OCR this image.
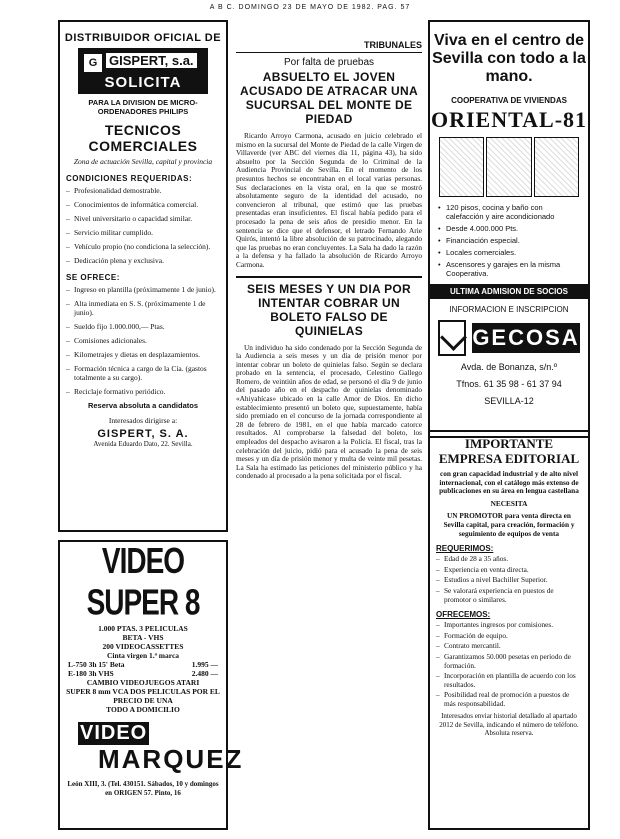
A B C. DOMINGO 23 DE MAYO DE 1982. PAG. 57
DISTRIBUIDOR OFICIAL DE
G GISPERT, s.a.
SOLICITA
PARA LA DIVISION DE MICRO-ORDENADORES PHILIPS
TECNICOS COMERCIALES
Zona de actuación Sevilla, capital y provincia
CONDICIONES REQUERIDAS:
– Profesionalidad demostrable.
– Conocimientos de informática comercial.
– Nivel universitario o capacidad similar.
– Servicio militar cumplido.
– Vehículo propio (no condiciona la selección).
– Dedicación plena y exclusiva.
SE OFRECE:
– Ingreso en plantilla (próximamente 1 de junio).
– Alta inmediata en S. S. (próximamente 1 de junio).
– Sueldo fijo 1.000.000,— Ptas.
– Comisiones adicionales.
– Kilometrajes y dietas en desplazamientos.
– Formación técnica a cargo de la Cía. (gastos totalmente a su cargo).
– Reciclaje formativo periódico.
Reserva absoluta a candidatos
Interesados dirigirse a:
GISPERT, S. A.
Avenida Eduardo Dato, 22. Sevilla.
VIDEO SUPER 8
1.000 PTAS. 3 PELICULAS
BETA - VHS
200 VIDEOCASSETTES
Cinta virgen 1.ª marca
L-750 3h 15' Beta	1.995 —
E-180 3h VHS	2.480 —
CAMBIO VIDEOJUEGOS ATARI
SUPER 8 mm VCA DOS PELICULAS POR EL PRECIO DE UNA
TODO A DOMICILIO
VIDEO
MARQUEZ
León XIII, 3. (Tel. 430151. Sábados, 10 y domingos en ORIGEN 57. Pinto, 16
TRIBUNALES
Por falta de pruebas
ABSUELTO EL JOVEN ACUSADO DE ATRACAR UNA SUCURSAL DEL MONTE DE PIEDAD
Ricardo Arroyo Carmona, acusado en juicio celebrado el mismo en la sucursal del Monte de Piedad de la calle Virgen de Villaverde (ver ABC del viernes día 11, página 43), ha sido absuelto por la Sección Segunda de lo Criminal de la Audiencia Provincial de Sevilla. En el momento de los presuntos hechos se encontraban en el local varias personas. Sus declaraciones en la vista oral, en la que se mostró absolutamente seguro de la identidad del acusado, no convencieron al tribunal, que estimó que las pruebas presentadas eran insuficientes. El fiscal había pedido para el procesado la pena de seis años de presidio menor. En la sentencia se dice que el defensor, el letrado Fernando Arie Quirós, intentó la libre absolución de su patrocinado, alegando que las pruebas no eran concluyentes. La Sala ha dado la razón a la defensa y ha fallado la absolución de Ricardo Arroyo Carmona.
SEIS MESES Y UN DIA POR INTENTAR COBRAR UN BOLETO FALSO DE QUINIELAS
Un individuo ha sido condenado por la Sección Segunda de la Audiencia a seis meses y un día de prisión menor por intentar cobrar un boleto de quinielas falso. Según se declara probado en la sentencia, el procesado, Celestino Gallego Romero, de veintiún años de edad, se personó el día 9 de junio del pasado año en el despacho de quinielas denominado «Ahiyahícas» ubicado en la calle Amor de Dios. En dicho establecimiento presentó un boleto que, supuestamente, había sido premiado en el concurso de la jornada correspondiente al 28 de febrero de 1981, en el que había marcado catorce resultados. Al comprobarse la falsedad del boleto, los empleados del despacho avisaron a la Policía. El fiscal, tras la celebración del juicio, pidió para el acusado la pena de seis meses y un día de prisión menor y multa de veinte mil pesetas. La Sala ha estimado las peticiones del ministerio público y ha condenado al procesado a la pena solicitada por el fiscal.
Viva en el centro de Sevilla con todo a la mano.
COOPERATIVA DE VIVIENDAS
ORIENTAL-81
• 120 pisos, cocina y baño con calefacción y aire acondicionado
• Desde 4.000.000 Pts.
• Financiación especial.
• Locales comerciales.
• Ascensores y garajes en la misma Cooperativa.
ULTIMA ADMISION DE SOCIOS
INFORMACION E INSCRIPCION
GECOSA
Avda. de Bonanza, s/n.º
Tfnos. 61 35 98 - 61 37 94
SEVILLA-12
IMPORTANTE EMPRESA EDITORIAL
con gran capacidad industrial y de alto nivel internacional, con el catálogo más extenso de publicaciones en su área en lengua castellana
NECESITA
UN PROMOTOR para venta directa en Sevilla capital, para creación, formación y seguimiento de equipos de venta
REQUERIMOS:
– Edad de 28 a 35 años.
– Experiencia en venta directa.
– Estudios a nivel Bachiller Superior.
– Se valorará experiencia en puestos de promotor o similares.
OFRECEMOS:
– Importantes ingresos por comisiones.
– Formación de equipo.
– Contrato mercantil.
– Garantizamos 50.000 pesetas en período de formación.
– Incorporación en plantilla de acuerdo con los resultados.
– Posibilidad real de promoción a puestos de más responsabilidad.
Interesados enviar historial detallado al apartado 2012 de Sevilla, indicando el número de teléfono. Absoluta reserva.
